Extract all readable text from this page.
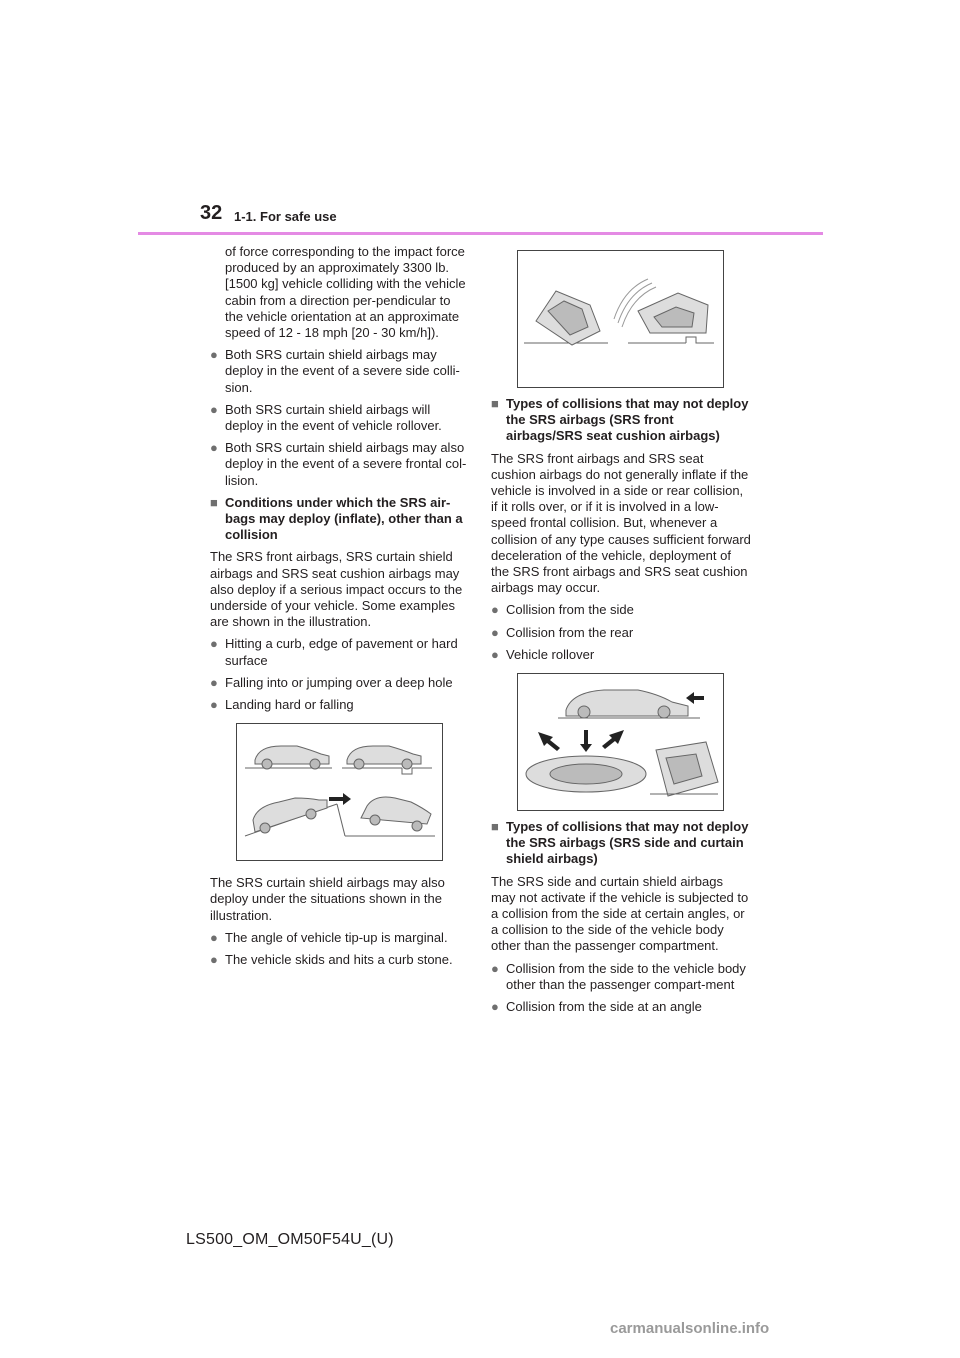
32 1-1. For safe use

of force corresponding to the impact force produced by an approximately 3300 lb. [1500 kg] vehicle colliding with the vehicle cabin from a direction per-pendicular to the vehicle orientation at an approximate speed of 12 - 18 mph [20 - 30 km/h]).

● Both SRS curtain shield airbags may deploy in the event of a severe side colli-sion.
● Both SRS curtain shield airbags will deploy in the event of vehicle rollover.
● Both SRS curtain shield airbags may also deploy in the event of a severe frontal col-lision.
■ Conditions under which the SRS air-bags may deploy (inflate), other than a collision

The SRS front airbags, SRS curtain shield airbags and SRS seat cushion airbags may also deploy if a serious impact occurs to the underside of your vehicle. Some examples are shown in the illustration.

● Hitting a curb, edge of pavement or hard surface
● Falling into or jumping over a deep hole
● Landing hard or falling

The SRS curtain shield airbags may also deploy under the situations shown in the illustration.

● The angle of vehicle tip-up is marginal.
● The vehicle skids and hits a curb stone.
■ Types of collisions that may not deploy the SRS airbags (SRS front airbags/SRS seat cushion airbags)

The SRS front airbags and SRS seat cushion airbags do not generally inflate if the vehicle is involved in a side or rear collision, if it rolls over, or if it is involved in a low-speed frontal collision. But, whenever a collision of any type causes sufficient forward deceleration of the vehicle, deployment of the SRS front airbags and SRS seat cushion airbags may occur.

● Collision from the side
● Collision from the rear
● Vehicle rollover
■ Types of collisions that may not deploy the SRS airbags (SRS side and curtain shield airbags)

The SRS side and curtain shield airbags may not activate if the vehicle is subjected to a collision from the side at certain angles, or a collision to the side of the vehicle body other than the passenger compartment.

● Collision from the side to the vehicle body other than the passenger compart-ment
● Collision from the side at an angle
LS500_OM_OM50F54U_(U)
carmanualsonline.info
